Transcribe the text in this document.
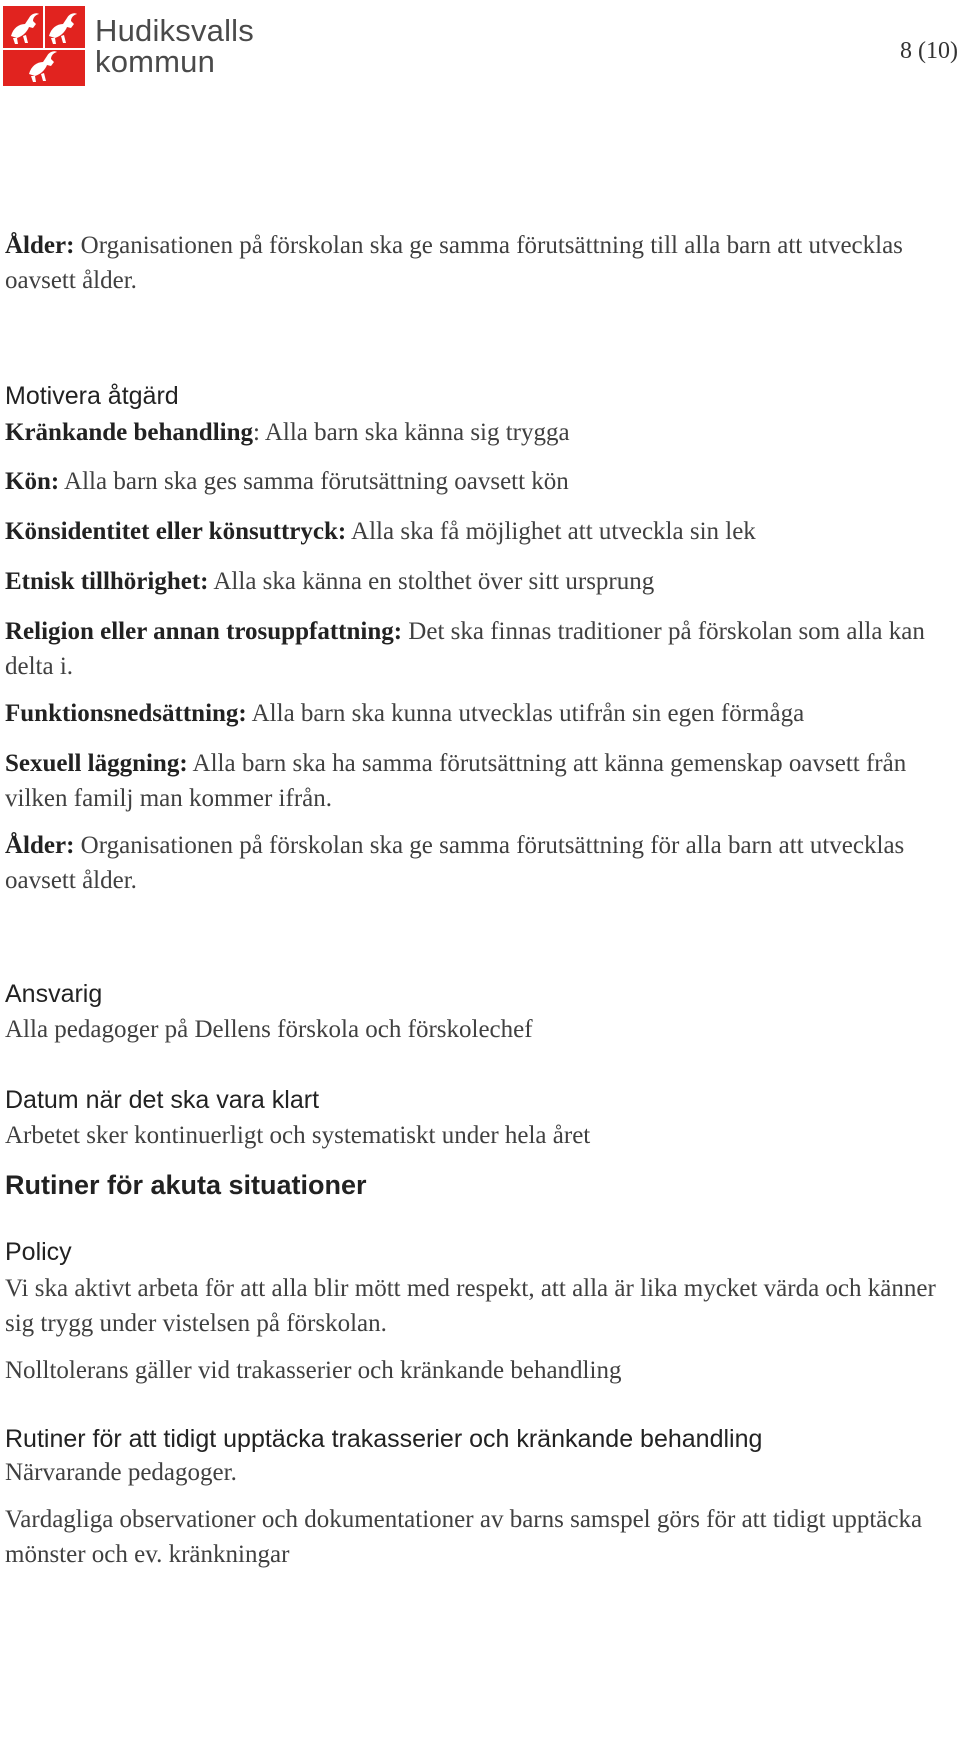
Hudiksvalls
kommun	8 (10)

Ålder: Organisationen på förskolan ska ge samma förutsättning till alla barn att utvecklas oavsett ålder.

Motivera åtgärd

Kränkande behandling: Alla barn ska känna sig trygga

Kön: Alla barn ska ges samma förutsättning oavsett kön

Könsidentitet eller könsuttryck: Alla ska få möjlighet att utveckla sin lek

Etnisk tillhörighet: Alla ska känna en stolthet över sitt ursprung

Religion eller annan trosuppfattning: Det ska finnas traditioner på förskolan som alla kan delta i.

Funktionsnedsättning: Alla barn ska kunna utvecklas utifrån sin egen förmåga

Sexuell läggning: Alla barn ska ha samma förutsättning att känna gemenskap oavsett från vilken familj man kommer ifrån.

Ålder: Organisationen på förskolan ska ge samma förutsättning för alla barn att utvecklas oavsett ålder.

Ansvarig

Alla pedagoger på Dellens förskola och förskolechef

Datum när det ska vara klart

Arbetet sker kontinuerligt och systematiskt under hela året

Rutiner för akuta situationer
Policy

Vi ska aktivt arbeta för att alla blir mött med respekt, att alla är lika mycket värda och känner sig trygg under vistelsen på förskolan.

Nolltolerans gäller vid trakasserier och kränkande behandling

Rutiner för att tidigt upptäcka trakasserier och kränkande behandling

Närvarande pedagoger.

Vardagliga observationer och dokumentationer av barns samspel görs för att tidigt upptäcka mönster och ev. kränkningar
